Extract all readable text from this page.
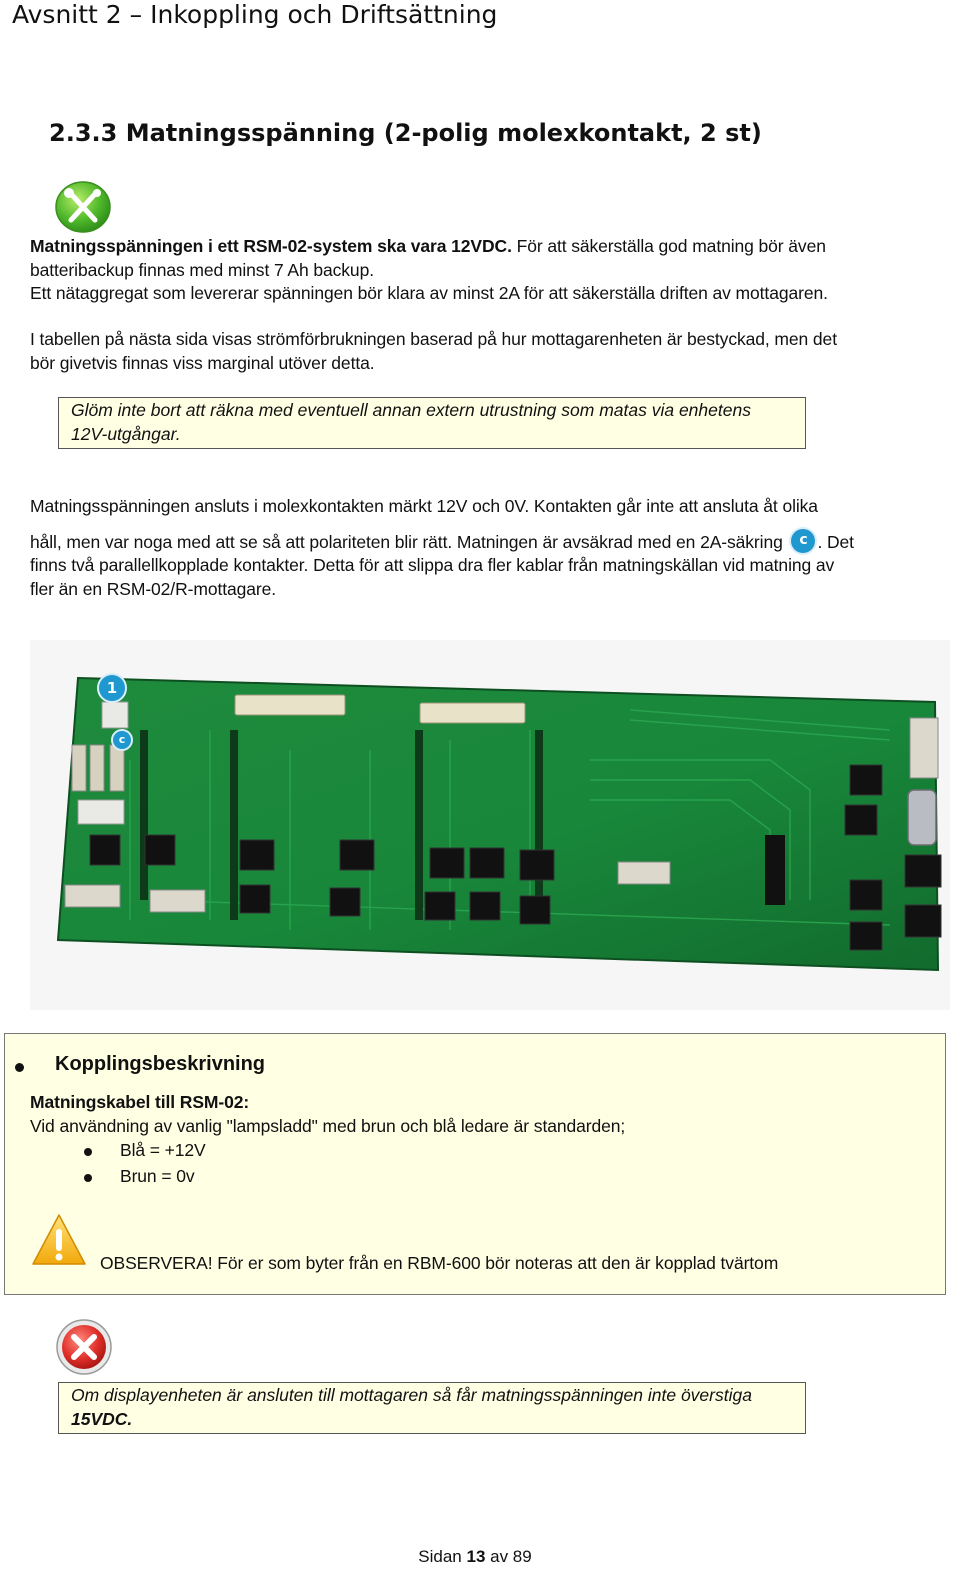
Avsnitt 2 – Inkoppling och Driftsättning
2.3.3 Matningsspänning (2-polig molexkontakt, 2 st)
Matningsspänningen i ett RSM-02-system ska vara 12VDC. För att säkerställa god matning bör även
batteribackup finnas med minst 7 Ah backup.
Ett nätaggregat som levererar spänningen bör klara av minst 2A för att säkerställa driften av mottagaren.
I tabellen på nästa sida visas strömförbrukningen baserad på hur mottagarenheten är bestyckad, men det
bör givetvis finnas viss marginal utöver detta.
Glöm inte bort att räkna med eventuell annan extern utrustning som matas via enhetens
12V-utgångar.
Matningsspänningen ansluts i molexkontakten märkt 12V och 0V. Kontakten går inte att ansluta åt olika
håll, men var noga med att se så att polariteten blir rätt. Matningen är avsäkrad med en 2A-säkring c . Det
finns två parallellkopplade kontakter. Detta för att slippa dra fler kablar från matningskällan vid matning av
fler än en RSM-02/R-mottagare.
1
c
Kopplingsbeskrivning
Matningskabel till RSM-02:
Vid användning av vanlig "lampsladd" med brun och blå ledare är standarden;
Blå = +12V
Brun = 0v
OBSERVERA! För er som byter från en RBM-600 bör noteras att den är kopplad tvärtom
Om displayenheten är ansluten till mottagaren så får matningsspänningen inte överstiga
15VDC.
Sidan 13 av 89
